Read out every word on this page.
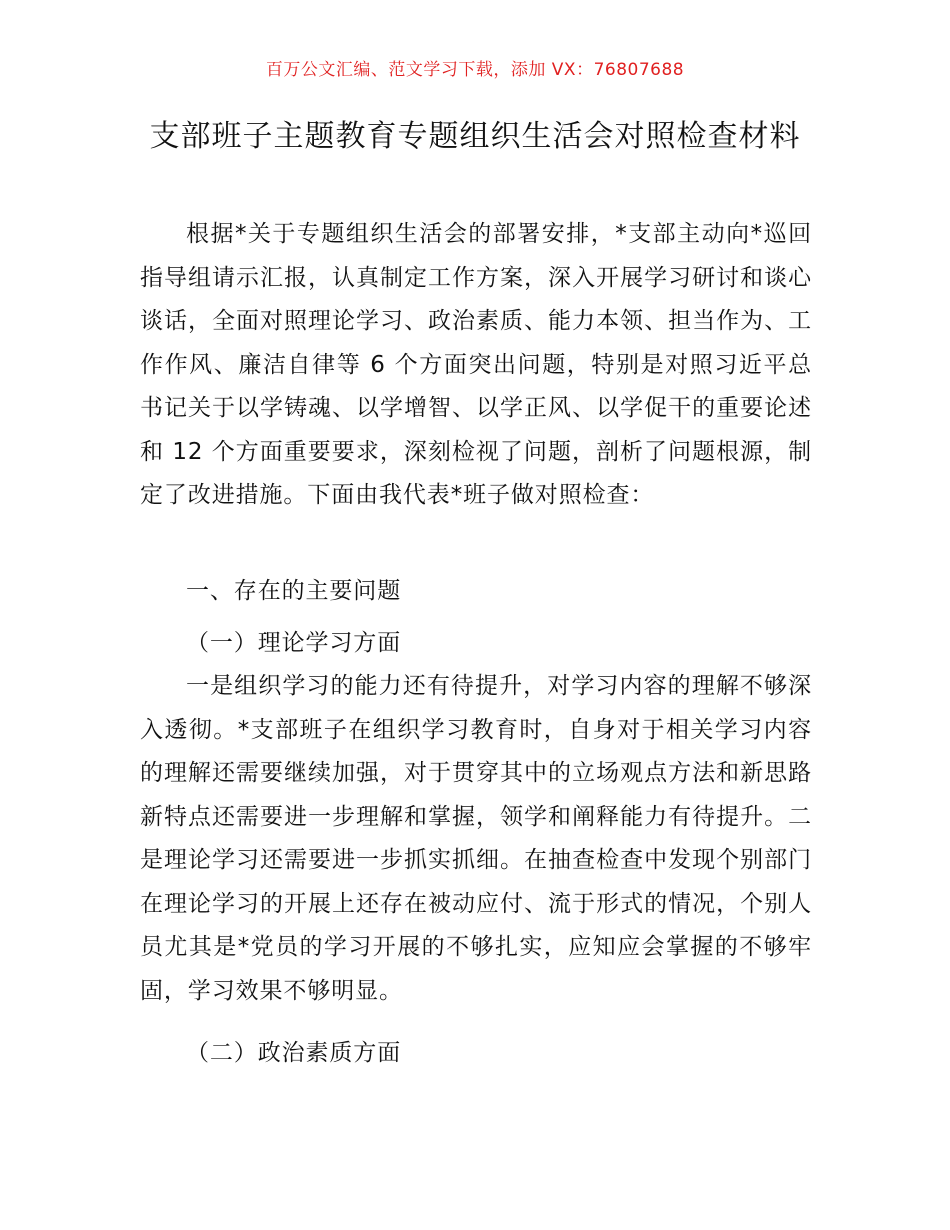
百万公文汇编、范文学习下载，添加 VX：76807688
支部班子主题教育专题组织生活会对照检查材料

根据*关于专题组织生活会的部署安排，*支部主动向*巡回指导组请示汇报，认真制定工作方案，深入开展学习研讨和谈心谈话，全面对照理论学习、政治素质、能力本领、担当作为、工作作风、廉洁自律等 6 个方面突出问题，特别是对照习近平总书记关于以学铸魂、以学增智、以学正风、以学促干的重要论述和 12 个方面重要要求，深刻检视了问题，剖析了问题根源，制定了改进措施。下面由我代表*班子做对照检查：

一、存在的主要问题

（一）理论学习方面

一是组织学习的能力还有待提升，对学习内容的理解不够深入透彻。*支部班子在组织学习教育时，自身对于相关学习内容的理解还需要继续加强，对于贯穿其中的立场观点方法和新思路新特点还需要进一步理解和掌握，领学和阐释能力有待提升。二是理论学习还需要进一步抓实抓细。在抽查检查中发现个别部门在理论学习的开展上还存在被动应付、流于形式的情况，个别人员尤其是*党员的学习开展的不够扎实，应知应会掌握的不够牢固，学习效果不够明显。

（二）政治素质方面
